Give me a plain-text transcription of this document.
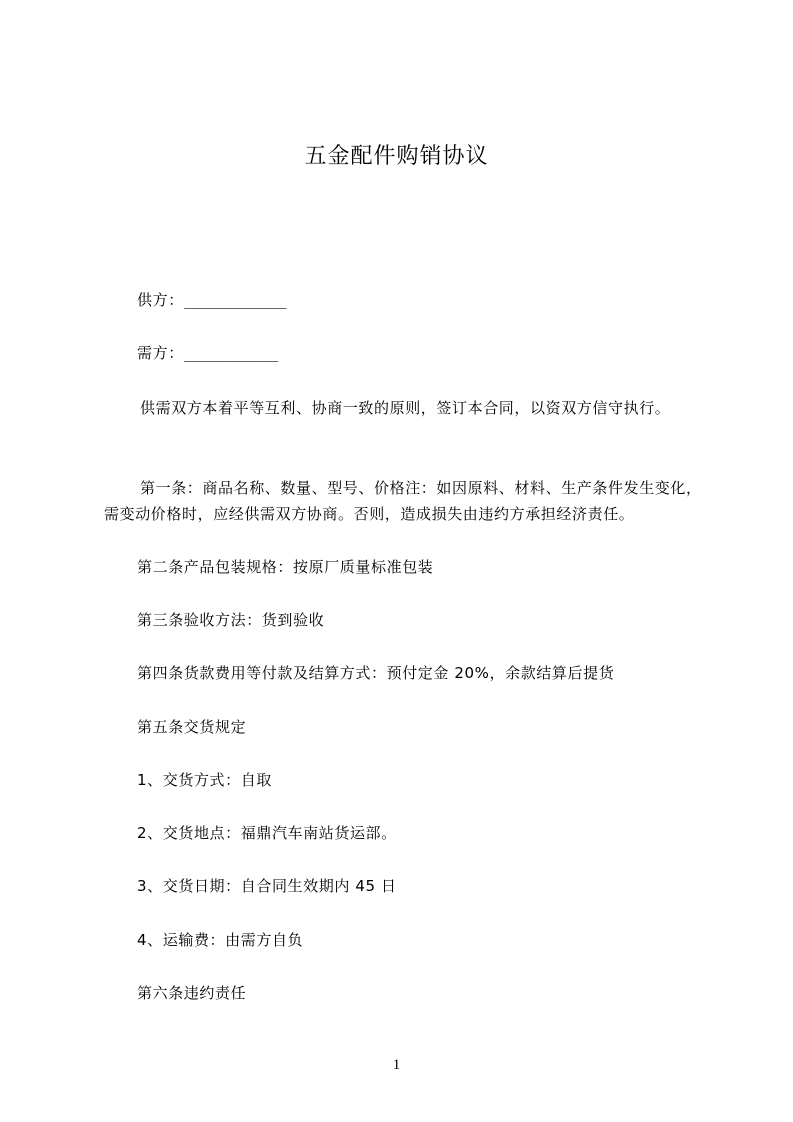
五金配件购销协议
供方：____________
需方：___________
供需双方本着平等互利、协商一致的原则，签订本合同，以资双方信守执行。
第一条：商品名称、数量、型号、价格注：如因原料、材料、生产条件发生变化，
需变动价格时，应经供需双方协商。否则，造成损失由违约方承担经济责任。
第二条产品包装规格：按原厂质量标准包装
第三条验收方法：货到验收
第四条货款费用等付款及结算方式：预付定金 20%，余款结算后提货
第五条交货规定
1、交货方式：自取
2、交货地点：福鼎汽车南站货运部。
3、交货日期：自合同生效期内 45 日
4、运输费：由需方自负
第六条违约责任
1
